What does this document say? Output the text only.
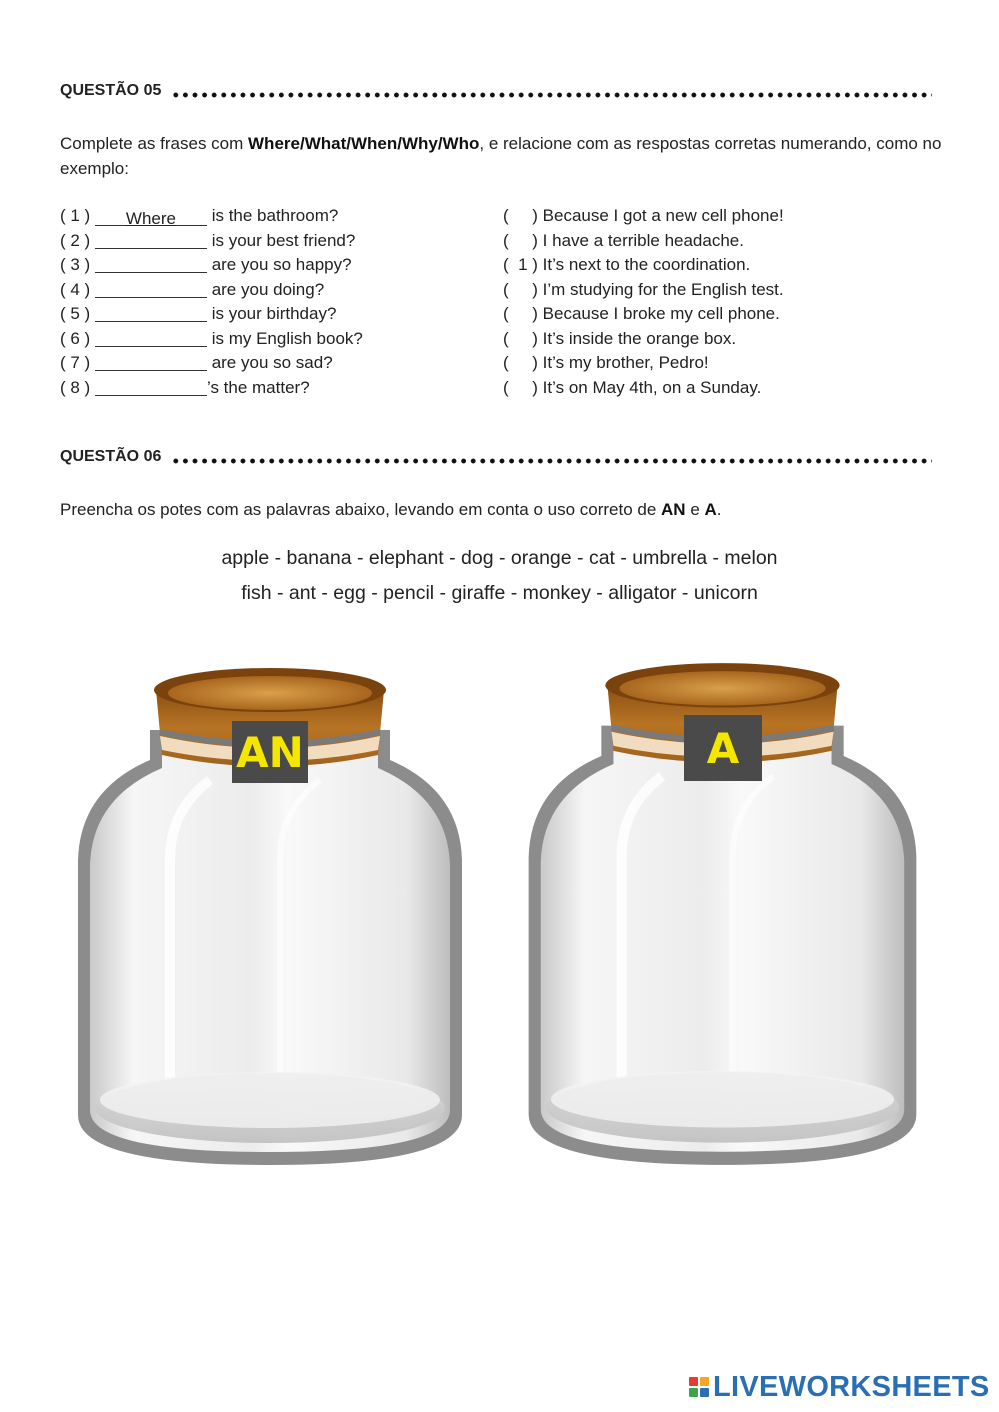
QUESTÃO 05
Complete as frases com Where/What/When/Why/Who, e relacione com as respostas corretas numerando, como no exemplo:
( 1 ) Where is the bathroom?
( 2 )	is your best friend?
( 3 )	are you so happy?
( 4 )	are you doing?
( 5 )	is your birthday?
( 6 )	is my English book?
( 7 )	are you so sad?
( 8 )	’s the matter?
(     ) Because I got a new cell phone!
(     ) I have a terrible headache.
(  1 ) It’s next to the coordination.
(     ) I’m studying for the English test.
(     ) Because I broke my cell phone.
(     ) It’s inside the orange box.
(     ) It’s my brother, Pedro!
(     ) It’s on May 4th, on a Sunday.
QUESTÃO 06
Preencha os potes com as palavras abaixo, levando em conta o uso correto de AN e A.
apple - banana - elephant - dog - orange - cat - umbrella - melon
fish - ant - egg - pencil - giraffe - monkey - alligator - unicorn
AN	A
LIVEWORKSHEETS
